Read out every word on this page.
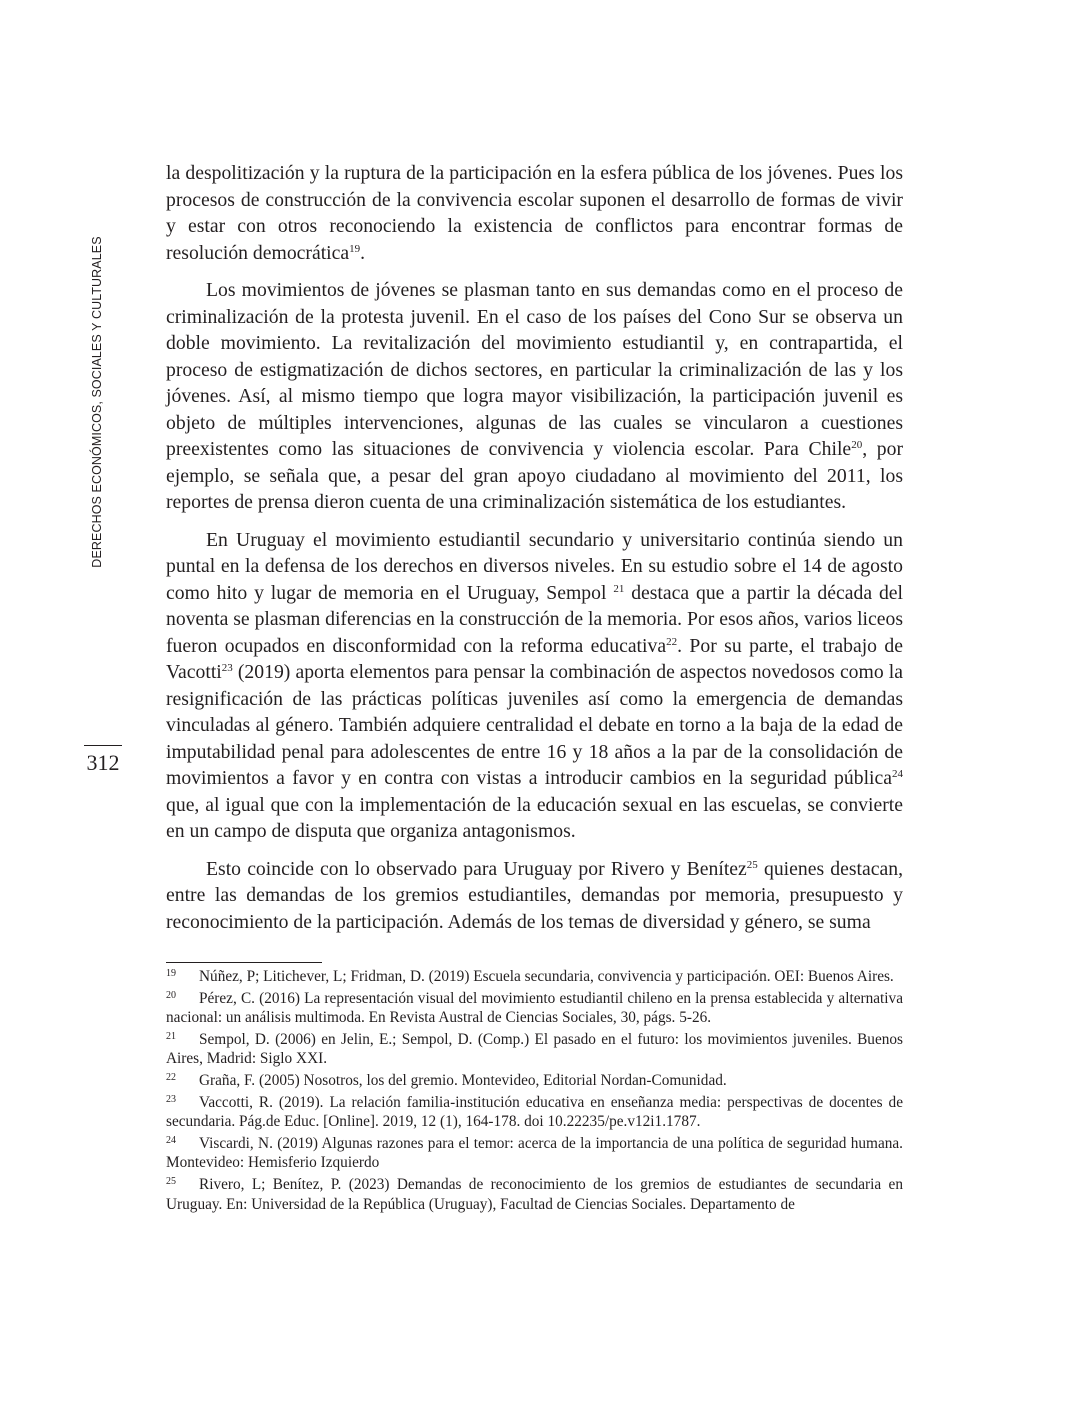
DERECHOS ECONÓMICOS, SOCIALES Y CULTURALES
312

la despolitización y la ruptura de la participación en la esfera pública de los jóvenes. Pues los procesos de construcción de la convivencia escolar suponen el desarrollo de formas de vivir y estar con otros reconociendo la existencia de conflictos para encontrar formas de resolución democrática$^{19}$.

Los movimientos de jóvenes se plasman tanto en sus demandas como en el proceso de criminalización de la protesta juvenil. En el caso de los países del Cono Sur se observa un doble movimiento. La revitalización del movimiento estudiantil y, en contrapartida, el proceso de estigmatización de dichos sectores, en particular la criminalización de las y los jóvenes. Así, al mismo tiempo que logra mayor visibilización, la participación juvenil es objeto de múltiples intervenciones, algunas de las cuales se vincularon a cuestiones preexistentes como las situaciones de convivencia y violencia escolar. Para Chile$^{20}$, por ejemplo, se señala que, a pesar del gran apoyo ciudadano al movimiento del 2011, los reportes de prensa dieron cuenta de una criminalización sistemática de los estudiantes.

En Uruguay el movimiento estudiantil secundario y universitario continúa siendo un puntal en la defensa de los derechos en diversos niveles. En su estudio sobre el 14 de agosto como hito y lugar de memoria en el Uruguay, Sempol $^{21}$ destaca que a partir la década del noventa se plasman diferencias en la construcción de la memoria. Por esos años, varios liceos fueron ocupados en disconformidad con la reforma educativa$^{22}$. Por su parte, el trabajo de Vacotti$^{23}$ (2019) aporta elementos para pensar la combinación de aspectos novedosos como la resignificación de las prácticas políticas juveniles así como la emergencia de demandas vinculadas al género. También adquiere centralidad el debate en torno a la baja de la edad de imputabilidad penal para adolescentes de entre 16 y 18 años a la par de la consolidación de movimientos a favor y en contra con vistas a introducir cambios en la seguridad pública$^{24}$ que, al igual que con la implementación de la educación sexual en las escuelas, se convierte en un campo de disputa que organiza antagonismos.

Esto coincide con lo observado para Uruguay por Rivero y Benítez$^{25}$ quienes destacan, entre las demandas de los gremios estudiantiles, demandas por memoria, presupuesto y reconocimiento de la participación. Además de los temas de diversidad y género, se suma

19 Núñez, P; Litichever, L; Fridman, D. (2019) Escuela secundaria, convivencia y participación. OEI: Buenos Aires.
20 Pérez, C. (2016) La representación visual del movimiento estudiantil chileno en la prensa establecida y alternativa nacional: un análisis multimoda. En Revista Austral de Ciencias Sociales, 30, págs. 5-26.
21 Sempol, D. (2006) en Jelin, E.; Sempol, D. (Comp.) El pasado en el futuro: los movimientos juveniles. Buenos Aires, Madrid: Siglo XXI.
22 Graña, F. (2005) Nosotros, los del gremio. Montevideo, Editorial Nordan-Comunidad.
23 Vaccotti, R. (2019). La relación familia-institución educativa en enseñanza media: perspectivas de docentes de secundaria. Pág.de Educ. [Online]. 2019, 12 (1), 164-178. doi 10.22235/pe.v12i1.1787.
24 Viscardi, N. (2019) Algunas razones para el temor: acerca de la importancia de una política de seguridad humana. Montevideo: Hemisferio Izquierdo
25 Rivero, L; Benítez, P. (2023) Demandas de reconocimiento de los gremios de estudiantes de secundaria en Uruguay. En: Universidad de la República (Uruguay), Facultad de Ciencias Sociales. Departamento de
